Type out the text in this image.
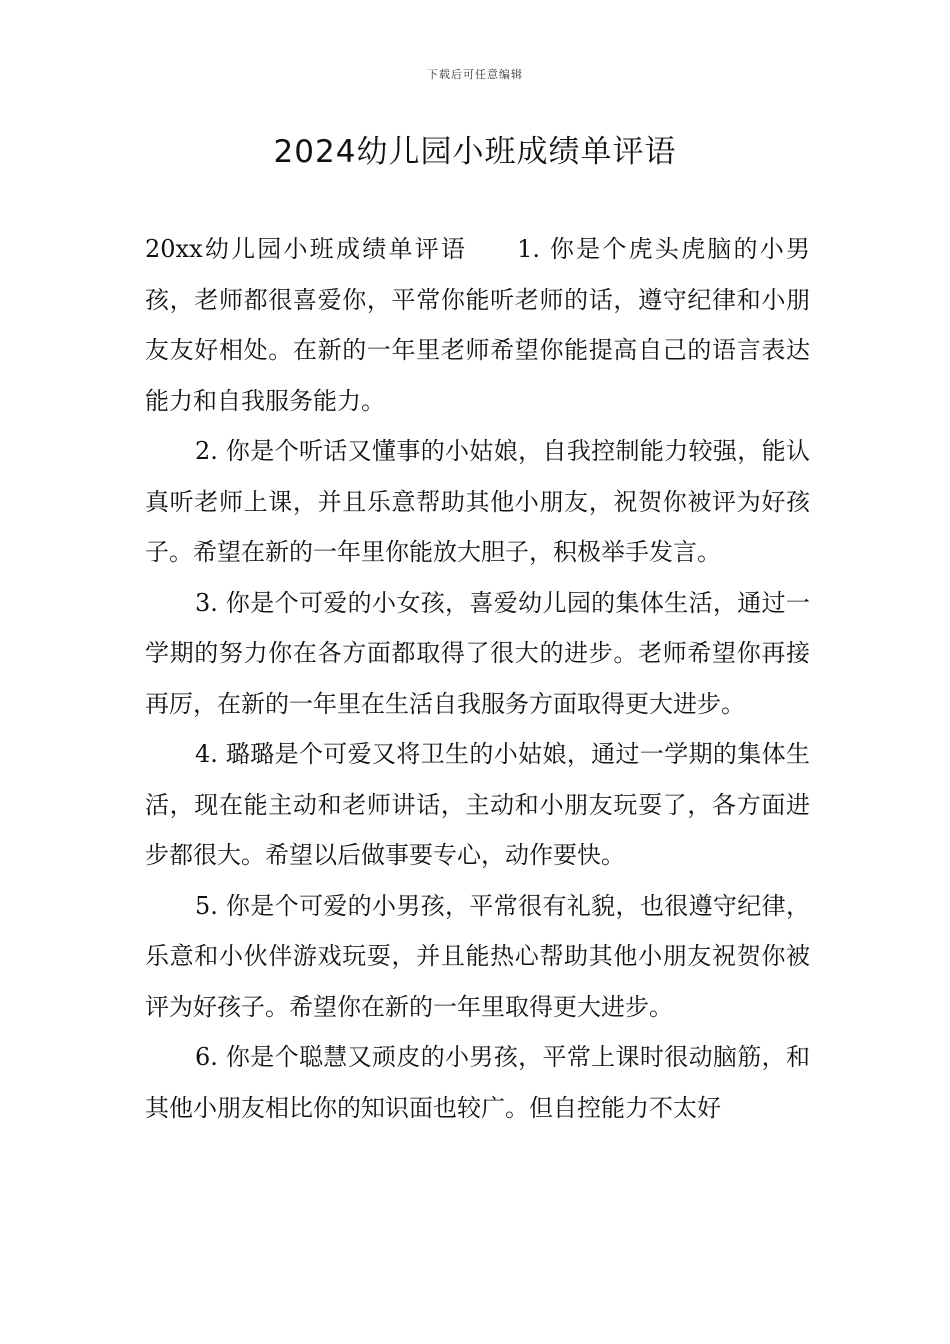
下载后可任意编辑
2024幼儿园小班成绩单评语

20xx幼儿园小班成绩单评语 1. 你是个虎头虎脑的小男孩，老师都很喜爱你，平常你能听老师的话，遵守纪律和小朋友友好相处。在新的一年里老师希望你能提高自己的语言表达能力和自我服务能力。

2. 你是个听话又懂事的小姑娘，自我控制能力较强，能认真听老师上课，并且乐意帮助其他小朋友，祝贺你被评为好孩子。希望在新的一年里你能放大胆子，积极举手发言。

3. 你是个可爱的小女孩，喜爱幼儿园的集体生活，通过一学期的努力你在各方面都取得了很大的进步。老师希望你再接再厉，在新的一年里在生活自我服务方面取得更大进步。

4. 璐璐是个可爱又将卫生的小姑娘，通过一学期的集体生活，现在能主动和老师讲话，主动和小朋友玩耍了，各方面进步都很大。希望以后做事要专心，动作要快。

5. 你是个可爱的小男孩，平常很有礼貌，也很遵守纪律，乐意和小伙伴游戏玩耍，并且能热心帮助其他小朋友祝贺你被评为好孩子。希望你在新的一年里取得更大进步。

6. 你是个聪慧又顽皮的小男孩，平常上课时很动脑筋，和其他小朋友相比你的知识面也较广。但自控能力不太好
